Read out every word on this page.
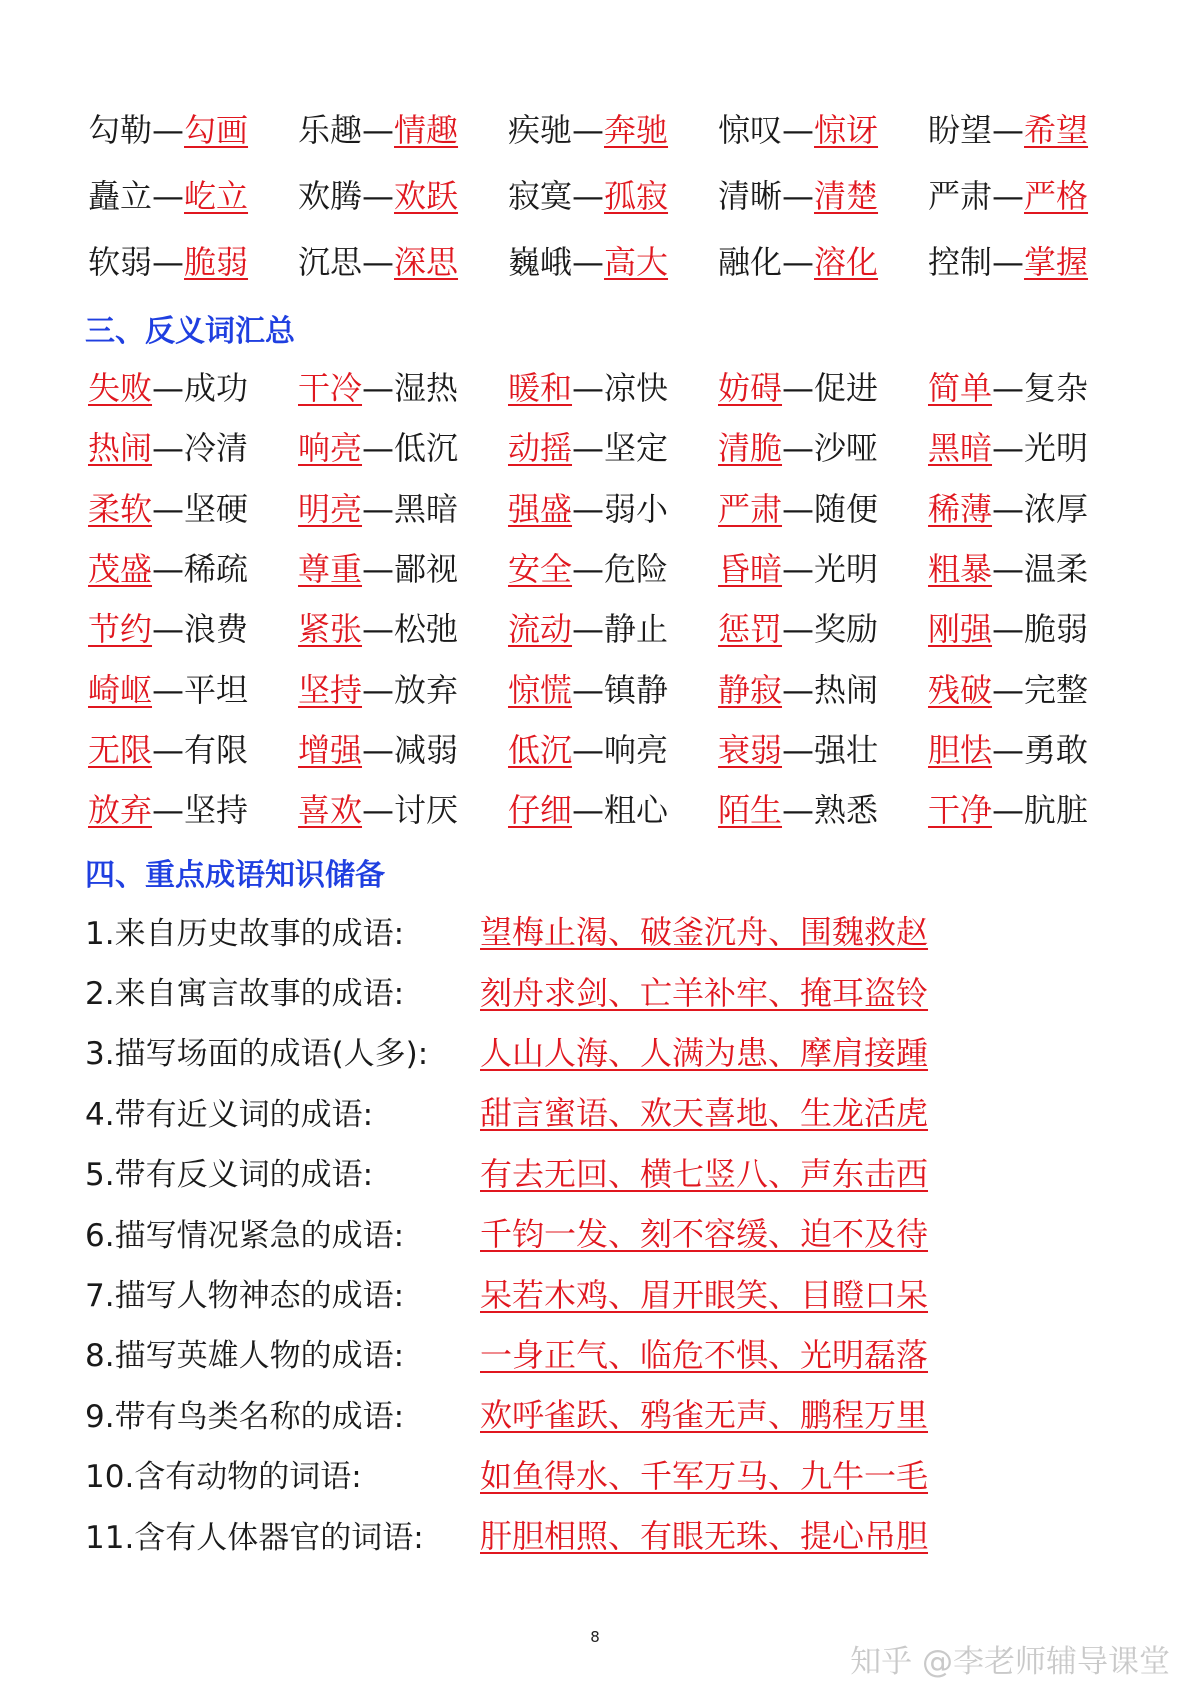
勾勒—勾画	乐趣—情趣	疾驰—奔驰	惊叹—惊讶	盼望—希望
矗立—屹立	欢腾—欢跃	寂寞—孤寂	清晰—清楚	严肃—严格
软弱—脆弱	沉思—深思	巍峨—高大	融化—溶化	控制—掌握
三、反义词汇总
失败—成功	干冷—湿热	暖和—凉快	妨碍—促进	简单—复杂
热闹—冷清	响亮—低沉	动摇—坚定	清脆—沙哑	黑暗—光明
柔软—坚硬	明亮—黑暗	强盛—弱小	严肃—随便	稀薄—浓厚
茂盛—稀疏	尊重—鄙视	安全—危险	昏暗—光明	粗暴—温柔
节约—浪费	紧张—松弛	流动—静止	惩罚—奖励	刚强—脆弱
崎岖—平坦	坚持—放弃	惊慌—镇静	静寂—热闹	残破—完整
无限—有限	增强—减弱	低沉—响亮	衰弱—强壮	胆怯—勇敢
放弃—坚持	喜欢—讨厌	仔细—粗心	陌生—熟悉	干净—肮脏
四、重点成语知识储备
1.来自历史故事的成语:	望梅止渴、破釜沉舟、围魏救赵
2.来自寓言故事的成语:	刻舟求剑、亡羊补牢、掩耳盗铃
3.描写场面的成语(人多):	人山人海、人满为患、摩肩接踵
4.带有近义词的成语:	甜言蜜语、欢天喜地、生龙活虎
5.带有反义词的成语:	有去无回、横七竖八、声东击西
6.描写情况紧急的成语:	千钧一发、刻不容缓、迫不及待
7.描写人物神态的成语:	呆若木鸡、眉开眼笑、目瞪口呆
8.描写英雄人物的成语:	一身正气、临危不惧、光明磊落
9.带有鸟类名称的成语:	欢呼雀跃、鸦雀无声、鹏程万里
10.含有动物的词语:	如鱼得水、千军万马、九牛一毛
11.含有人体器官的词语:	肝胆相照、有眼无珠、提心吊胆
8
知乎 @李老师辅导课堂
